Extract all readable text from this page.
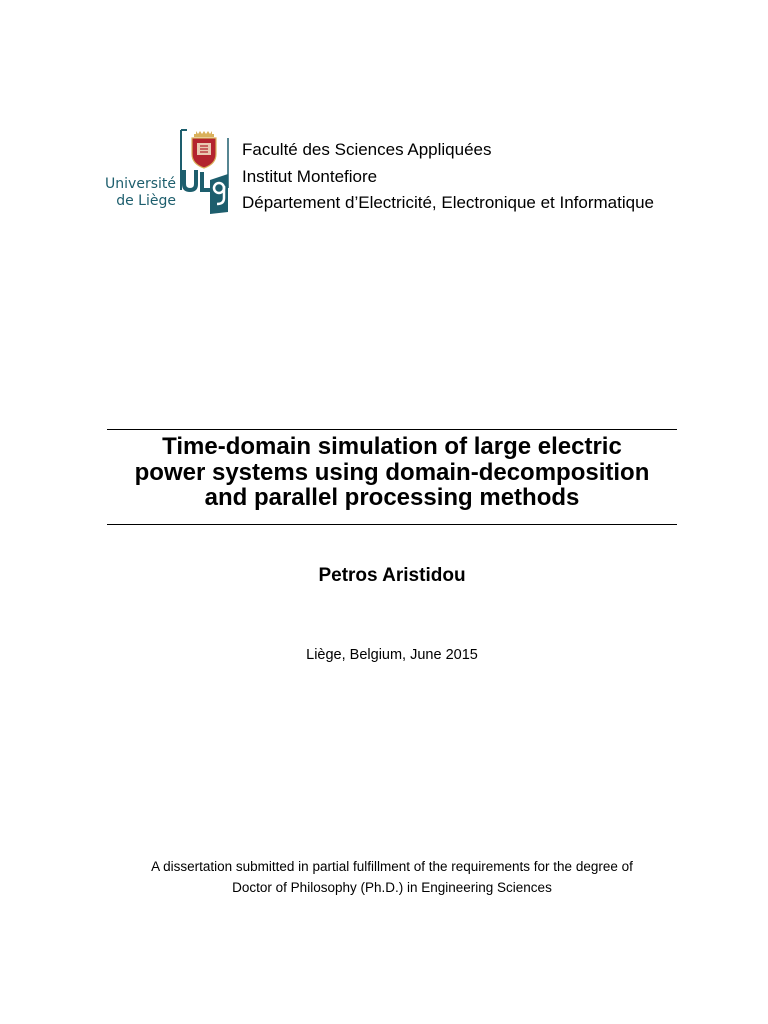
Université
de Liège
Faculté des Sciences Appliquées
Institut Montefiore
Département d’Electricité, Electronique et Informatique
Time-domain simulation of large electric
power systems using domain-decomposition
and parallel processing methods
Petros Aristidou
Liège, Belgium, June 2015
A dissertation submitted in partial fulfillment of the requirements for the degree of
Doctor of Philosophy (Ph.D.) in Engineering Sciences
